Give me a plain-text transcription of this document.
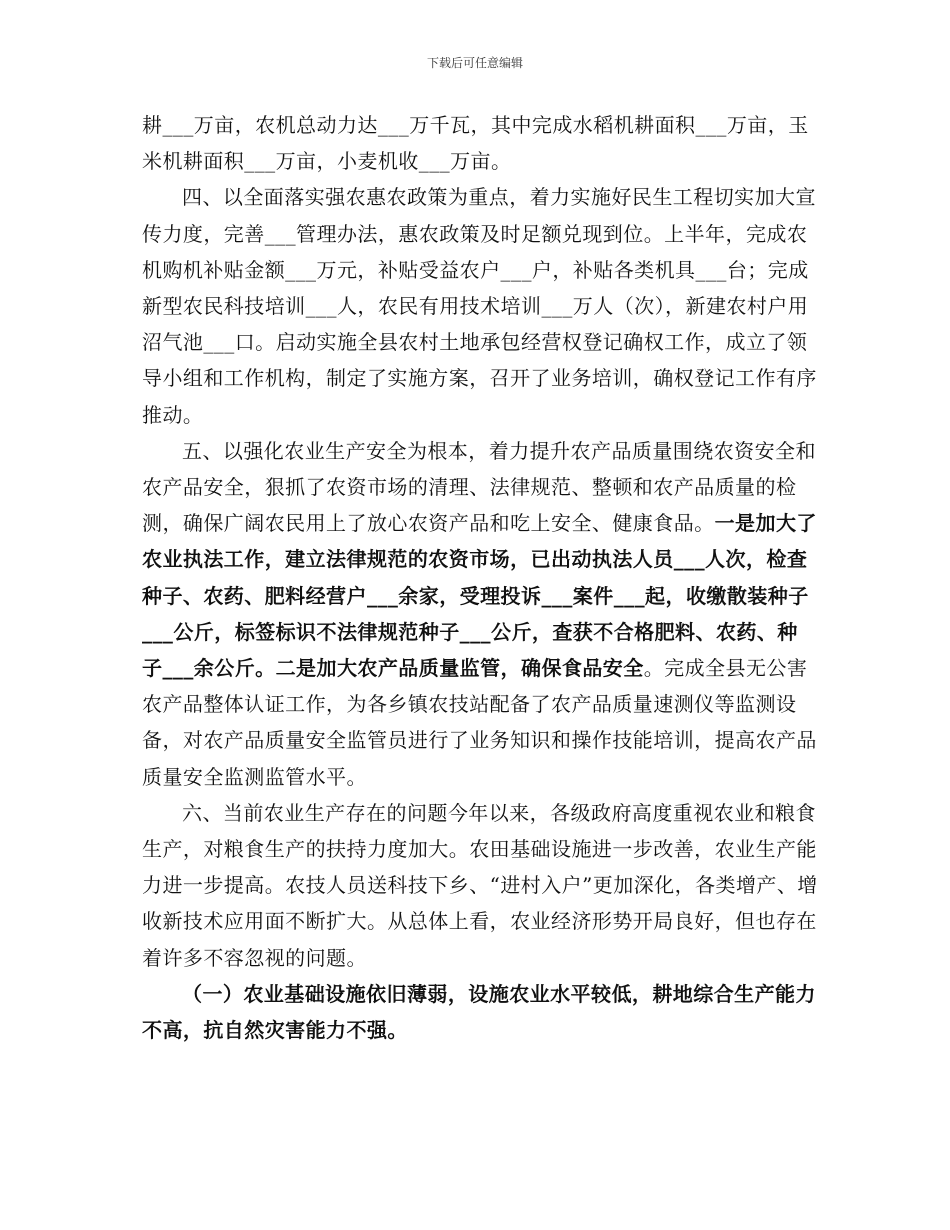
下载后可任意编辑

耕___万亩，农机总动力达___万千瓦，其中完成水稻机耕面积___万亩，玉米机耕面积___万亩，小麦机收___万亩。

四、以全面落实强农惠农政策为重点，着力实施好民生工程切实加大宣传力度，完善___管理办法，惠农政策及时足额兑现到位。上半年，完成农机购机补贴金额___万元，补贴受益农户___户，补贴各类机具___台；完成新型农民科技培训___人，农民有用技术培训___万人（次），新建农村户用沼气池___口。启动实施全县农村土地承包经营权登记确权工作，成立了领导小组和工作机构，制定了实施方案，召开了业务培训，确权登记工作有序推动。

五、以强化农业生产安全为根本，着力提升农产品质量围绕农资安全和农产品安全，狠抓了农资市场的清理、法律规范、整顿和农产品质量的检测，确保广阔农民用上了放心农资产品和吃上安全、健康食品。一是加大了农业执法工作，建立法律规范的农资市场，已出动执法人员___人次，检查种子、农药、肥料经营户___余家，受理投诉___案件___起，收缴散装种子___公斤，标签标识不法律规范种子___公斤，查获不合格肥料、农药、种子___余公斤。二是加大农产品质量监管，确保食品安全。完成全县无公害农产品整体认证工作，为各乡镇农技站配备了农产品质量速测仪等监测设备，对农产品质量安全监管员进行了业务知识和操作技能培训，提高农产品质量安全监测监管水平。

六、当前农业生产存在的问题今年以来，各级政府高度重视农业和粮食生产，对粮食生产的扶持力度加大。农田基础设施进一步改善，农业生产能力进一步提高。农技人员送科技下乡、“进村入户”更加深化，各类增产、增收新技术应用面不断扩大。从总体上看，农业经济形势开局良好，但也存在着许多不容忽视的问题。

（一）农业基础设施依旧薄弱，设施农业水平较低，耕地综合生产能力不高，抗自然灾害能力不强。
